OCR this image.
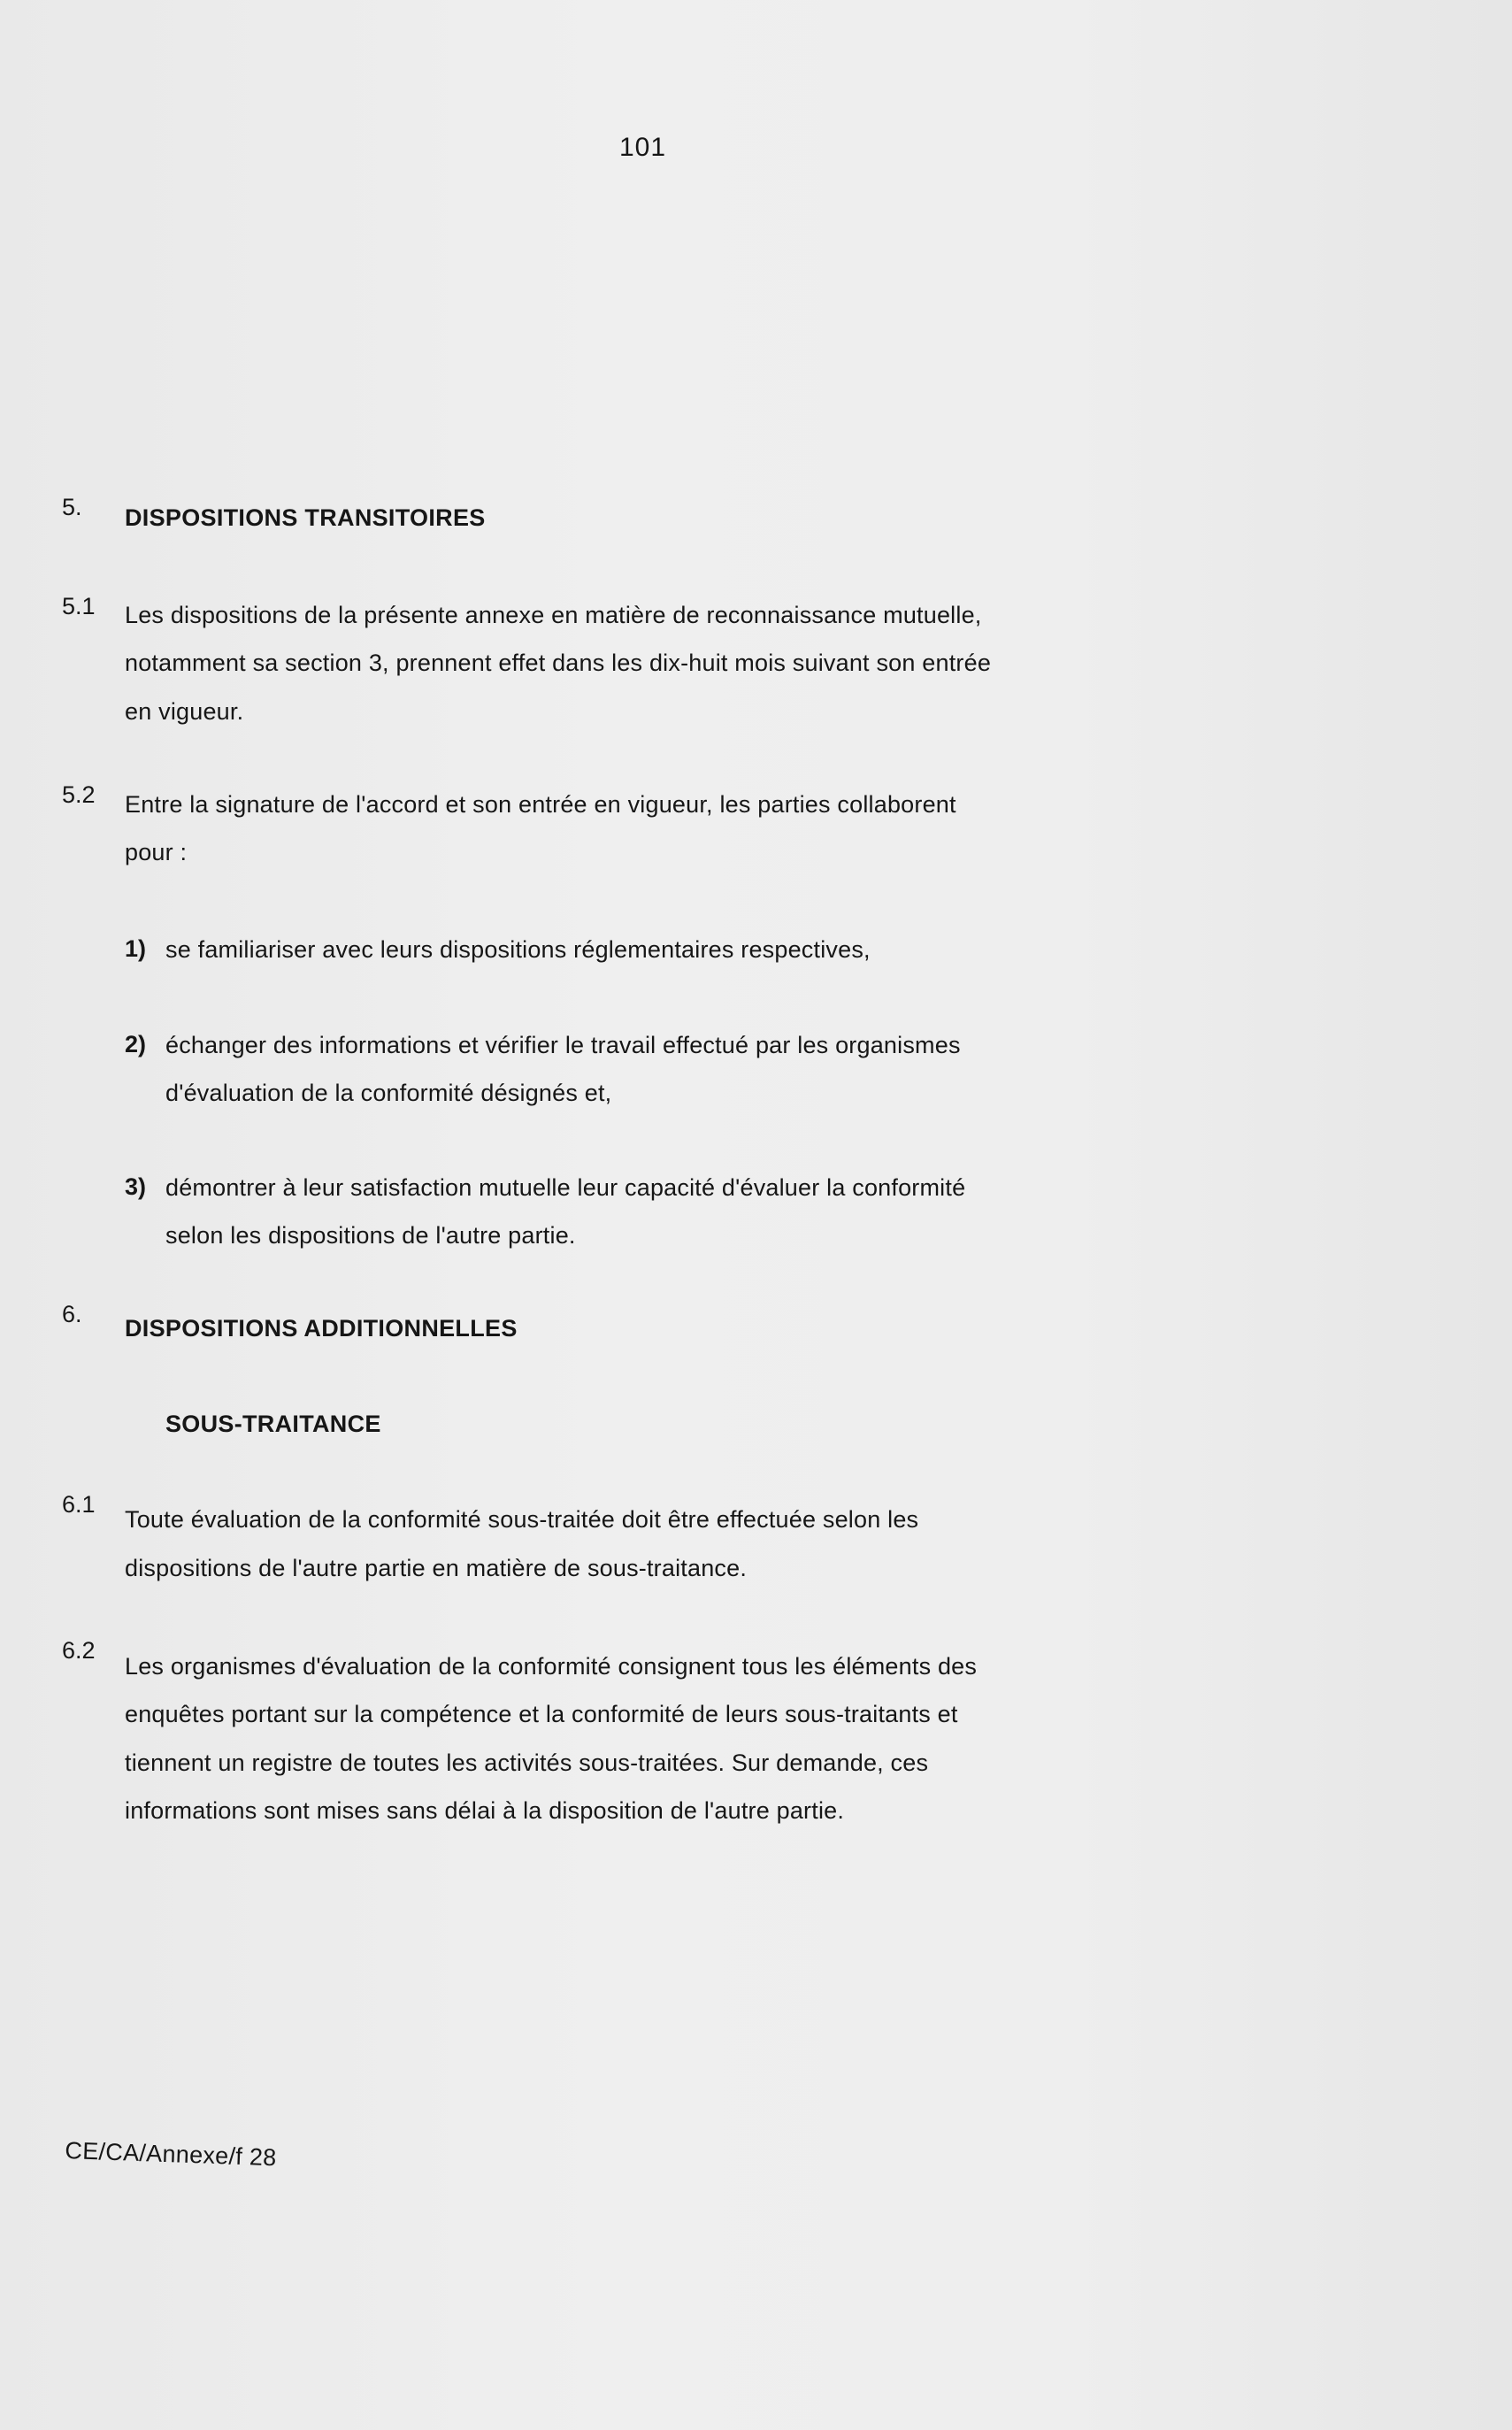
101
5. DISPOSITIONS TRANSITOIRES
5.1 Les dispositions de la présente annexe en matière de reconnaissance mutuelle,
notamment sa section 3, prennent effet dans les dix-huit mois suivant son entrée
en vigueur.
5.2 Entre la signature de l'accord et son entrée en vigueur, les parties collaborent
pour :
1) se familiariser avec leurs dispositions réglementaires respectives,
2) échanger des informations et vérifier le travail effectué par les organismes
d'évaluation de la conformité désignés et,
3) démontrer à leur satisfaction mutuelle leur capacité d'évaluer la conformité
selon les dispositions de l'autre partie.
6.
DISPOSITIONS ADDITIONNELLES
SOUS-TRAITANCE
6.1
Toute évaluation de la conformité sous-traitée doit être effectuée selon les
dispositions de l'autre partie en matière de sous-traitance.
6.2
Les organismes d'évaluation de la conformité consignent tous les éléments des
enquêtes portant sur la compétence et la conformité de leurs sous-traitants et
tiennent un registre de toutes les activités sous-traitées. Sur demande, ces
informations sont mises sans délai à la disposition de l'autre partie.
CE/CA/Annexe/f 28
